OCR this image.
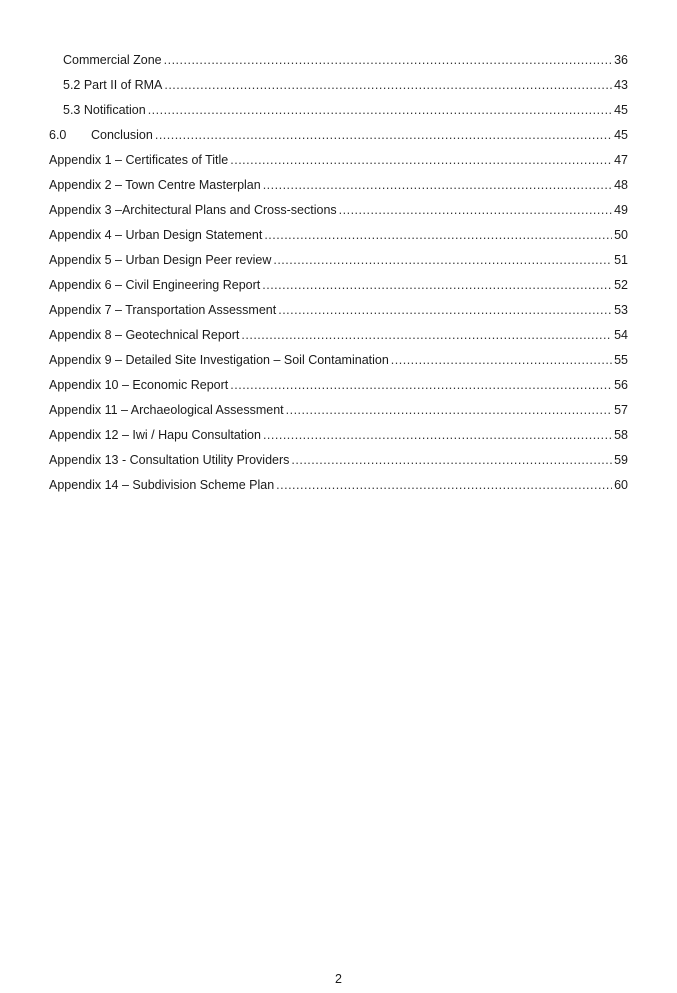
Commercial Zone .....	36
5.2 Part II of RMA .....	43
5.3 Notification .....	45
6.0	Conclusion .....	45
Appendix 1 – Certificates of Title .....	47
Appendix 2 – Town Centre Masterplan .....	48
Appendix 3 –Architectural Plans and Cross-sections .....	49
Appendix 4 – Urban Design Statement .....	50
Appendix 5 – Urban Design Peer review .....	51
Appendix 6 – Civil Engineering Report .....	52
Appendix 7 – Transportation Assessment .....	53
Appendix 8 – Geotechnical Report .....	54
Appendix 9 – Detailed Site Investigation – Soil Contamination .....	55
Appendix 10 – Economic Report .....	56
Appendix 11 – Archaeological Assessment .....	57
Appendix 12 – Iwi / Hapu Consultation .....	58
Appendix 13 - Consultation Utility Providers .....	59
Appendix 14 – Subdivision Scheme Plan .....	60
2
